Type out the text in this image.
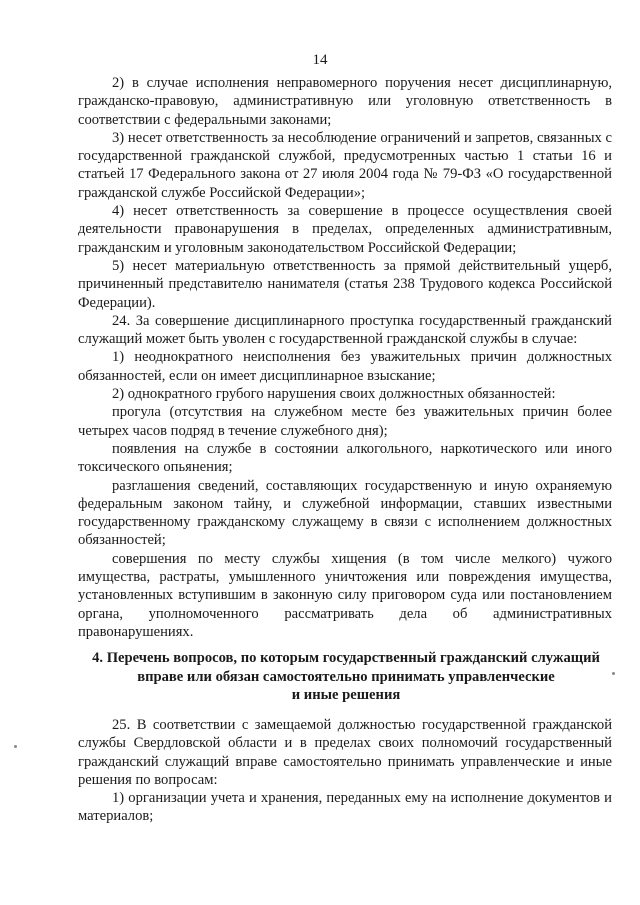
14

2) в случае исполнения неправомерного поручения несет дисциплинарную, гражданско-правовую, административную или уголовную ответственность в соответствии с федеральными законами;

3) несет ответственность за несоблюдение ограничений и запретов, связанных с государственной гражданской службой, предусмотренных частью 1 статьи 16 и статьей 17 Федерального закона от 27 июля 2004 года № 79-ФЗ «О государственной гражданской службе Российской Федерации»;

4) несет ответственность за совершение в процессе осуществления своей деятельности правонарушения в пределах, определенных административным, гражданским и уголовным законодательством Российской Федерации;

5) несет материальную ответственность за прямой действительный ущерб, причиненный представителю нанимателя (статья 238 Трудового кодекса Российской Федерации).

24. За совершение дисциплинарного проступка государственный гражданский служащий может быть уволен с государственной гражданской службы в случае:

1) неоднократного неисполнения без уважительных причин должностных обязанностей, если он имеет дисциплинарное взыскание;

2) однократного грубого нарушения своих должностных обязанностей:

прогула (отсутствия на служебном месте без уважительных причин более четырех часов подряд в течение служебного дня);

появления на службе в состоянии алкогольного, наркотического или иного токсического опьянения;

разглашения сведений, составляющих государственную и иную охраняемую федеральным законом тайну, и служебной информации, ставших известными государственному гражданскому служащему в связи с исполнением должностных обязанностей;

совершения по месту службы хищения (в том числе мелкого) чужого имущества, растраты, умышленного уничтожения или повреждения имущества, установленных вступившим в законную силу приговором суда или постановлением органа, уполномоченного рассматривать дела об административных правонарушениях.

4. Перечень вопросов, по которым государственный гражданский служащий
вправе или обязан самостоятельно принимать управленческие
и иные решения

25. В соответствии с замещаемой должностью государственной гражданской службы Свердловской области и в пределах своих полномочий государственный гражданский служащий вправе самостоятельно принимать управленческие и иные решения по вопросам:

1) организации учета и хранения, переданных ему на исполнение документов и материалов;
